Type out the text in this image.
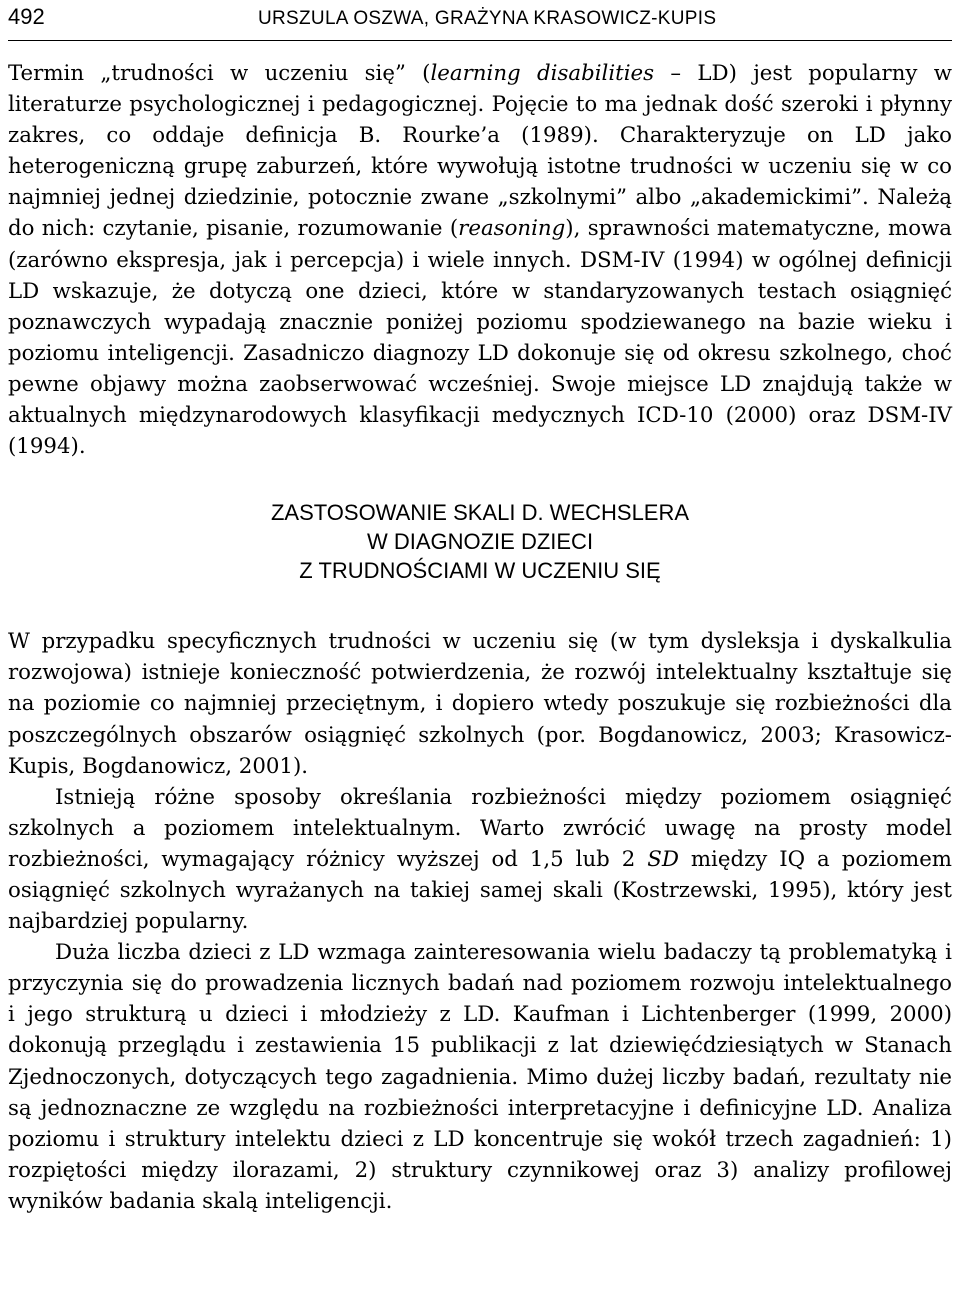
492	URSZULA OSZWA, GRAŻYNA KRASOWICZ-KUPIS

Termin „trudności w uczeniu się” (learning disabilities – LD) jest popularny w literaturze psychologicznej i pedagogicznej. Pojęcie to ma jednak dość szeroki i płynny zakres, co oddaje definicja B. Rourke’a (1989). Charakteryzuje on LD jako heterogeniczną grupę zaburzeń, które wywołują istotne trudności w uczeniu się w co najmniej jednej dziedzinie, potocznie zwane „szkolnymi” albo „akademickimi”. Należą do nich: czytanie, pisanie, rozumowanie (reasoning), sprawności matematyczne, mowa (zarówno ekspresja, jak i percepcja) i wiele innych. DSM-IV (1994) w ogólnej definicji LD wskazuje, że dotyczą one dzieci, które w standaryzowanych testach osiągnięć poznawczych wypadają znacznie poniżej poziomu spodziewanego na bazie wieku i poziomu inteligencji. Zasadniczo diagnozy LD dokonuje się od okresu szkolnego, choć pewne objawy można zaobserwować wcześniej. Swoje miejsce LD znajdują także w aktualnych międzynarodowych klasyfikacji medycznych ICD-10 (2000) oraz DSM-IV (1994).

ZASTOSOWANIE SKALI D. WECHSLERA
W DIAGNOZIE DZIECI
Z TRUDNOŚCIAMI W UCZENIU SIĘ

W przypadku specyficznych trudności w uczeniu się (w tym dysleksja i dyskalkulia rozwojowa) istnieje konieczność potwierdzenia, że rozwój intelektualny kształtuje się na poziomie co najmniej przeciętnym, i dopiero wtedy poszukuje się rozbieżności dla poszczególnych obszarów osiągnięć szkolnych (por. Bogdanowicz, 2003; Krasowicz-Kupis, Bogdanowicz, 2001).

Istnieją różne sposoby określania rozbieżności między poziomem osiągnięć szkolnych a poziomem intelektualnym. Warto zwrócić uwagę na prosty model rozbieżności, wymagający różnicy wyższej od 1,5 lub 2 SD między IQ a poziomem osiągnięć szkolnych wyrażanych na takiej samej skali (Kostrzewski, 1995), który jest najbardziej popularny.

Duża liczba dzieci z LD wzmaga zainteresowania wielu badaczy tą problematyką i przyczynia się do prowadzenia licznych badań nad poziomem rozwoju intelektualnego i jego strukturą u dzieci i młodzieży z LD. Kaufman i Lichtenberger (1999, 2000) dokonują przeglądu i zestawienia 15 publikacji z lat dziewięćdziesiątych w Stanach Zjednoczonych, dotyczących tego zagadnienia. Mimo dużej liczby badań, rezultaty nie są jednoznaczne ze względu na rozbieżności interpretacyjne i definicyjne LD. Analiza poziomu i struktury intelektu dzieci z LD koncentruje się wokół trzech zagadnień: 1) rozpiętości między ilorazami, 2) struktury czynnikowej oraz 3) analizy profilowej wyników badania skalą inteligencji.
